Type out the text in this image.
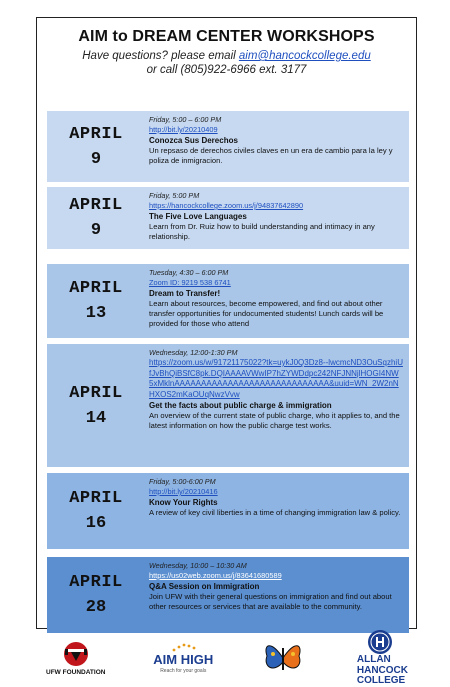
AIM to DREAM CENTER WORKSHOPS
Have questions? please email aim@hancockcollege.edu
or call (805)922-6966 ext. 3177
APRIL
9
Friday, 5:00 – 6:00 PM
http://bit.ly/20210409
Conozca Sus Derechos
Un repsaso de derechos civiles claves en un era de cambio para la ley y poliza de inmigracion.
APRIL
9
Friday, 5:00 PM
https://hancockcollege.zoom.us/j/94837642890
The Five Love Languages
Learn from Dr. Ruiz how to build understanding and intimacy in any relationship.
APRIL
13
Tuesday, 4:30 – 6:00 PM
Zoom ID: 9219 538 6741
Dream to Transfer!
Learn about resources, become empowered, and find out about other transfer opportunities for undocumented students! Lunch cards will be provided for those who attend
APRIL
14
Wednesday, 12:00-1:30 PM
https://zoom.us/w/91721175022?tk=uykJ0Q3Dz8--lwcmcND3OuSqzhiUfJvBhQiBSfC8pk.DQIAAAAVWwIP7hZYWDdpc242NFJNNjlHOGI4NW5xMklnAAAAAAAAAAAAAAAAAAAAAAAAAAAAA&uuid=WN_2W2nNHXOS2mKaOUqNwzVvw
Get the facts about public charge & immigration
An overview of the current state of public charge, who it applies to, and the latest information on how the public charge test works.
APRIL
16
Friday, 5:00-6:00 PM
http://bit.ly/20210416
Know Your Rights
A review of key civil liberties in a time of changing immigration law & policy.
APRIL
28
Wednesday, 10:00 – 10:30 AM
https://us02web.zoom.us/j/83641680589
Q&A Session on Immigration
Join UFW with their general questions on immigration and find out about other resources or services that are available to the community.
UFW FOUNDATION
AIM HIGH
Reach for your goals
ALLAN
HANCOCK
COLLEGE
